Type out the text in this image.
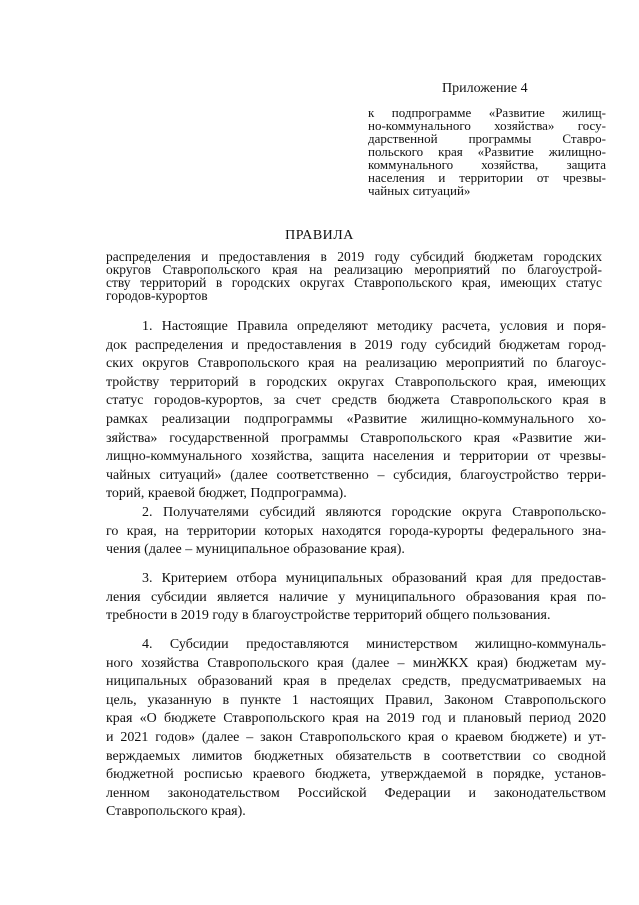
Приложение 4
к подпрограмме «Развитие жилищ-
но-коммунального хозяйства» госу-
дарственной программы Ставро-
польского края «Развитие жилищно-
коммунального хозяйства, защита
населения и территории от чрезвы-
чайных ситуаций»
ПРАВИЛА
распределения и предоставления в 2019 году субсидий бюджетам городских
округов Ставропольского края на реализацию мероприятий по благоустрой-
ству территорий в городских округах Ставропольского края, имеющих статус
городов-курортов
1. Настоящие Правила определяют методику расчета, условия и поря-
док распределения и предоставления в 2019 году субсидий бюджетам город-
ских округов Ставропольского края на реализацию мероприятий по благоус-
тройству территорий в городских округах Ставропольского края, имеющих
статус городов-курортов, за счет средств бюджета Ставропольского края в
рамках реализации подпрограммы «Развитие жилищно-коммунального хо-
зяйства» государственной программы Ставропольского края «Развитие жи-
лищно-коммунального хозяйства, защита населения и территории от чрезвы-
чайных ситуаций» (далее соответственно – субсидия, благоустройство терри-
торий, краевой бюджет, Подпрограмма).
2. Получателями субсидий являются городские округа Ставропольско-
го края, на территории которых находятся города-курорты федерального зна-
чения (далее – муниципальное образование края).
3. Критерием отбора муниципальных образований края для предостав-
ления субсидии является наличие у муниципального образования края по-
требности в 2019 году в благоустройстве территорий общего пользования.
4. Субсидии предоставляются министерством жилищно-коммуналь-
ного хозяйства Ставропольского края (далее – минЖКХ края) бюджетам му-
ниципальных образований края в пределах средств, предусматриваемых на
цель, указанную в пункте 1 настоящих Правил, Законом Ставропольского
края «О бюджете Ставропольского края на 2019 год и плановый период 2020
и 2021 годов» (далее – закон Ставропольского края о краевом бюджете) и ут-
верждаемых лимитов бюджетных обязательств в соответствии со сводной
бюджетной росписью краевого бюджета, утверждаемой в порядке, установ-
ленном законодательством Российской Федерации и законодательством
Ставропольского края).
